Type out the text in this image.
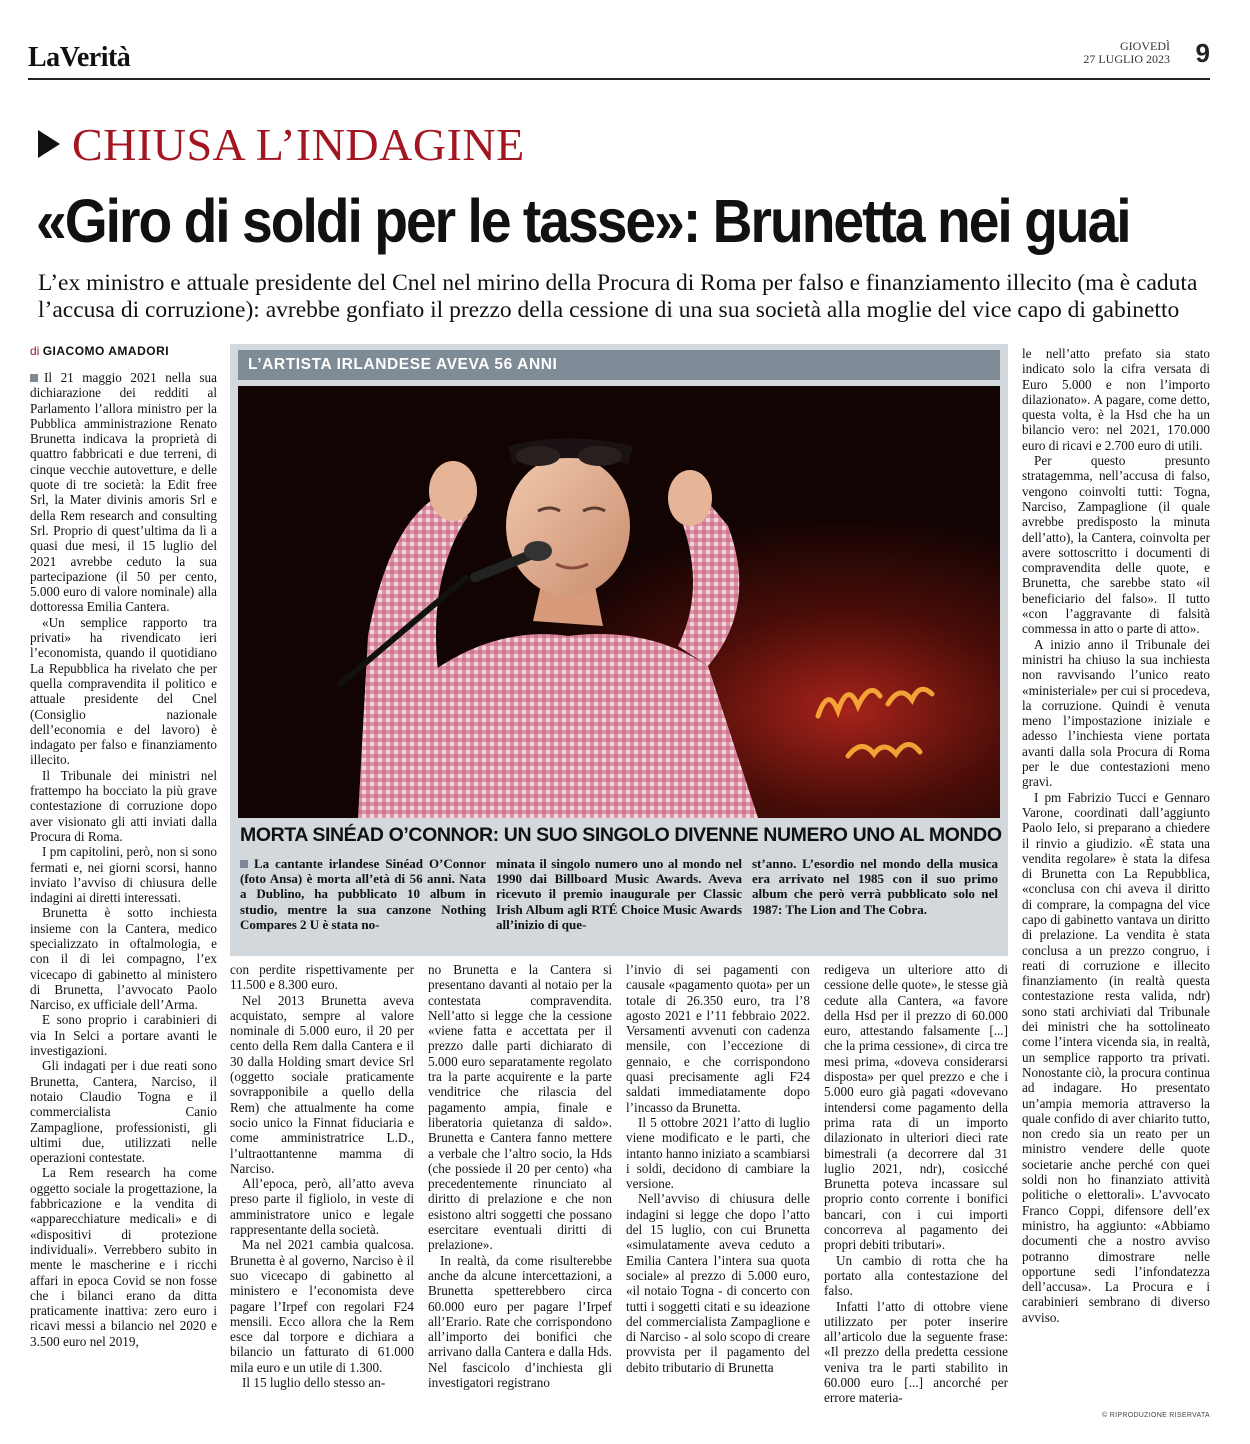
LaVerità	GIOVEDÌ
27 LUGLIO 2023 9
CHIUSA L’INDAGINE
«Giro di soldi per le tasse»: Brunetta nei guai
L’ex ministro e attuale presidente del Cnel nel mirino della Procura di Roma per falso e finanziamento illecito (ma è caduta l’accusa di corruzione): avrebbe gonfiato il prezzo della cessione di una sua società alla moglie del vice capo di gabinetto
di GIACOMO AMADORI

Il 21 maggio 2021 nella sua dichiarazione dei redditi al Parlamento l’allora ministro per la Pubblica amministrazione Renato Brunetta indicava la proprietà di quattro fabbricati e due terreni, di cinque vecchie autovetture, e delle quote di tre società: la Edit free Srl, la Mater divinis amoris Srl e della Rem research and consulting Srl. Proprio di quest’ultima da lì a quasi due mesi, il 15 luglio del 2021 avrebbe ceduto la sua partecipazione (il 50 per cento, 5.000 euro di valore nominale) alla dottoressa Emilia Cantera.

«Un semplice rapporto tra privati» ha rivendicato ieri l’economista, quando il quotidiano La Repubblica ha rivelato che per quella compravendita il politico e attuale presidente del Cnel (Consiglio nazionale dell’economia e del lavoro) è indagato per falso e finanziamento illecito.

Il Tribunale dei ministri nel frattempo ha bocciato la più grave contestazione di corruzione dopo aver visionato gli atti inviati dalla Procura di Roma.

I pm capitolini, però, non si sono fermati e, nei giorni scorsi, hanno inviato l’avviso di chiusura delle indagini ai diretti interessati.

Brunetta è sotto inchiesta insieme con la Cantera, medico specializzato in oftalmologia, e con il di lei compagno, l’ex vicecapo di gabinetto al ministero di Brunetta, l’avvocato Paolo Narciso, ex ufficiale dell’Arma.

E sono proprio i carabinieri di via In Selci a portare avanti le investigazioni.

Gli indagati per i due reati sono Brunetta, Cantera, Narciso, il notaio Claudio Togna e il commercialista Canio Zampaglione, professionisti, gli ultimi due, utilizzati nelle operazioni contestate.

La Rem research ha come oggetto sociale la progettazione, la fabbricazione e la vendita di «apparecchiature medicali» e di «dispositivi di protezione individuali». Verrebbero subito in mente le mascherine e i ricchi affari in epoca Covid se non fosse che i bilanci erano da ditta praticamente inattiva: zero euro i ricavi messi a bilancio nel 2020 e 3.500 euro nel 2019,

L’ARTISTA IRLANDESE AVEVA 56 ANNI
MORTA SINÉAD O’CONNOR: UN SUO SINGOLO DIVENNE NUMERO UNO AL MONDO
La cantante irlandese Sinéad O’Connor (foto Ansa) è morta all’età di 56 anni. Nata a Dublino, ha pubblicato 10 album in studio, mentre la sua canzone Nothing Compares 2 U è stata no-
minata il singolo numero uno al mondo nel 1990 dai Billboard Music Awards. Aveva ricevuto il premio inaugurale per Classic Irish Album agli RTÉ Choice Music Awards all’inizio di que-
st’anno. L’esordio nel mondo della musica era arrivato nel 1985 con il suo primo album che però verrà pubblicato solo nel 1987: The Lion and The Cobra.

con perdite rispettivamente per 11.500 e 8.300 euro.

Nel 2013 Brunetta aveva acquistato, sempre al valore nominale di 5.000 euro, il 20 per cento della Rem dalla Cantera e il 30 dalla Holding smart device Srl (oggetto sociale praticamente sovrapponibile a quello della Rem) che attualmente ha come socio unico la Finnat fiduciaria e come amministratrice L.D., l’ultraottantenne mamma di Narciso.

All’epoca, però, all’atto aveva preso parte il figliolo, in veste di amministratore unico e legale rappresentante della società.

Ma nel 2021 cambia qualcosa. Brunetta è al governo, Narciso è il suo vicecapo di gabinetto al ministero e l’economista deve pagare l’Irpef con regolari F24 mensili. Ecco allora che la Rem esce dal torpore e dichiara a bilancio un fatturato di 61.000 mila euro e un utile di 1.300.

Il 15 luglio dello stesso an-

no Brunetta e la Cantera si presentano davanti al notaio per la contestata compravendita. Nell’atto si legge che la cessione «viene fatta e accettata per il prezzo dalle parti dichiarato di 5.000 euro separatamente regolato tra la parte acquirente e la parte venditrice che rilascia del pagamento ampia, finale e liberatoria quietanza di saldo». Brunetta e Cantera fanno mettere a verbale che l’altro socio, la Hds (che possiede il 20 per cento) «ha precedentemente rinunciato al diritto di prelazione e che non esistono altri soggetti che possano esercitare eventuali diritti di prelazione».

In realtà, da come risulterebbe anche da alcune intercettazioni, a Brunetta spetterebbero circa 60.000 euro per pagare l’Irpef all’Erario. Rate che corrispondono all’importo dei bonifici che arrivano dalla Cantera e dalla Hds. Nel fascicolo d’inchiesta gli investigatori registrano

l’invio di sei pagamenti con causale «pagamento quota» per un totale di 26.350 euro, tra l’8 agosto 2021 e l’11 febbraio 2022. Versamenti avvenuti con cadenza mensile, con l’eccezione di gennaio, e che corrispondono quasi precisamente agli F24 saldati immediatamente dopo l’incasso da Brunetta.

Il 5 ottobre 2021 l’atto di luglio viene modificato e le parti, che intanto hanno iniziato a scambiarsi i soldi, decidono di cambiare la versione.

Nell’avviso di chiusura delle indagini si legge che dopo l’atto del 15 luglio, con cui Brunetta «simulatamente aveva ceduto a Emilia Cantera l’intera sua quota sociale» al prezzo di 5.000 euro, «il notaio Togna - di concerto con tutti i soggetti citati e su ideazione del commercialista Zampaglione e di Narciso - al solo scopo di creare provvista per il pagamento del debito tributario di Brunetta

redigeva un ulteriore atto di cessione delle quote», le stesse già cedute alla Cantera, «a favore della Hsd per il prezzo di 60.000 euro, attestando falsamente [...] che la prima cessione», di circa tre mesi prima, «doveva considerarsi disposta» per quel prezzo e che i 5.000 euro già pagati «dovevano intendersi come pagamento della prima rata di un importo dilazionato in ulteriori dieci rate bimestrali (a decorrere dal 31 luglio 2021, ndr), cosicché Brunetta poteva incassare sul proprio conto corrente i bonifici bancari, con i cui importi concorreva al pagamento dei propri debiti tributari».

Un cambio di rotta che ha portato alla contestazione del falso.

Infatti l’atto di ottobre viene utilizzato per poter inserire all’articolo due la seguente frase: «Il prezzo della predetta cessione veniva tra le parti stabilito in 60.000 euro [...] ancorché per errore materia-

le nell’atto prefato sia stato indicato solo la cifra versata di Euro 5.000 e non l’importo dilazionato». A pagare, come detto, questa volta, è la Hsd che ha un bilancio vero: nel 2021, 170.000 euro di ricavi e 2.700 euro di utili.

Per questo presunto stratagemma, nell’accusa di falso, vengono coinvolti tutti: Togna, Narciso, Zampaglione (il quale avrebbe predisposto la minuta dell’atto), la Cantera, coinvolta per avere sottoscritto i documenti di compravendita delle quote, e Brunetta, che sarebbe stato «il beneficiario del falso». Il tutto «con l’aggravante di falsità commessa in atto o parte di atto».

A inizio anno il Tribunale dei ministri ha chiuso la sua inchiesta non ravvisando l’unico reato «ministeriale» per cui si procedeva, la corruzione. Quindi è venuta meno l’impostazione iniziale e adesso l’inchiesta viene portata avanti dalla sola Procura di Roma per le due contestazioni meno gravi.

I pm Fabrizio Tucci e Gennaro Varone, coordinati dall’aggiunto Paolo Ielo, si preparano a chiedere il rinvio a giudizio. «È stata una vendita regolare» è stata la difesa di Brunetta con La Repubblica, «conclusa con chi aveva il diritto di comprare, la compagna del vice capo di gabinetto vantava un diritto di prelazione. La vendita è stata conclusa a un prezzo congruo, i reati di corruzione e illecito finanziamento (in realtà questa contestazione resta valida, ndr) sono stati archiviati dal Tribunale dei ministri che ha sottolineato come l’intera vicenda sia, in realtà, un semplice rapporto tra privati. Nonostante ciò, la procura continua ad indagare. Ho presentato un’ampia memoria attraverso la quale confido di aver chiarito tutto, non credo sia un reato per un ministro vendere delle quote societarie anche perché con quei soldi non ho finanziato attività politiche o elettorali». L’avvocato Franco Coppi, difensore dell’ex ministro, ha aggiunto: «Abbiamo documenti che a nostro avviso potranno dimostrare nelle opportune sedi l’infondatezza dell’accusa». La Procura e i carabinieri sembrano di diverso avviso.

© RIPRODUZIONE RISERVATA
